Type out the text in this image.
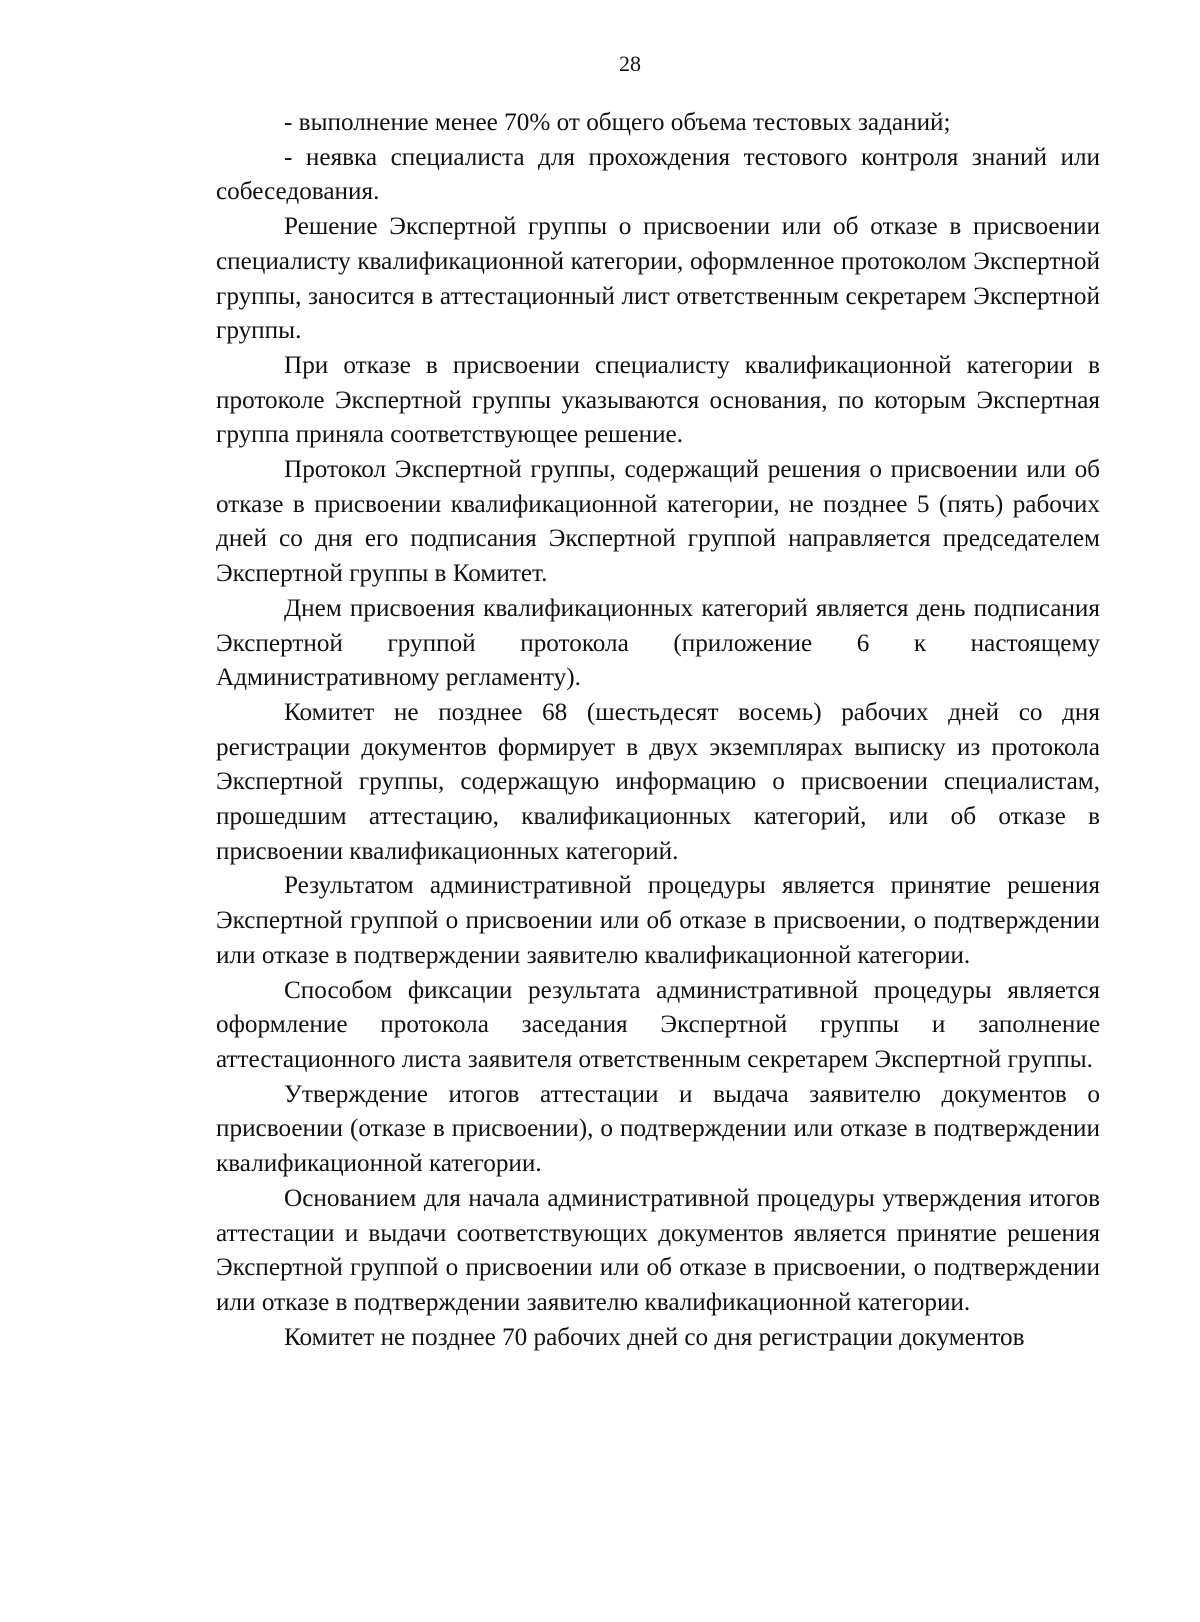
28

- выполнение менее 70% от общего объема тестовых заданий;

- неявка специалиста для прохождения тестового контроля знаний или собеседования.

Решение Экспертной группы о присвоении или об отказе в присвоении специалисту квалификационной категории, оформленное протоколом Экспертной группы, заносится в аттестационный лист ответственным секретарем Экспертной группы.

При отказе в присвоении специалисту квалификационной категории в протоколе Экспертной группы указываются основания, по которым Экспертная группа приняла соответствующее решение.

Протокол Экспертной группы, содержащий решения о присвоении или об отказе в присвоении квалификационной категории, не позднее 5 (пять) рабочих дней со дня его подписания Экспертной группой направляется председателем Экспертной группы в Комитет.

Днем присвоения квалификационных категорий является день подписания Экспертной группой протокола (приложение 6 к настоящему Административному регламенту).

Комитет не позднее 68 (шестьдесят восемь) рабочих дней со дня регистрации документов формирует в двух экземплярах выписку из протокола Экспертной группы, содержащую информацию о присвоении специалистам, прошедшим аттестацию, квалификационных категорий, или об отказе в присвоении квалификационных категорий.

Результатом административной процедуры является принятие решения Экспертной группой о присвоении или об отказе в присвоении, о подтверждении или отказе в подтверждении заявителю квалификационной категории.

Способом фиксации результата административной процедуры является оформление протокола заседания Экспертной группы и заполнение аттестационного листа заявителя ответственным секретарем Экспертной группы.

Утверждение итогов аттестации и выдача заявителю документов о присвоении (отказе в присвоении), о подтверждении или отказе в подтверждении квалификационной категории.

Основанием для начала административной процедуры утверждения итогов аттестации и выдачи соответствующих документов является принятие решения Экспертной группой о присвоении или об отказе в присвоении, о подтверждении или отказе в подтверждении заявителю квалификационной категории.

Комитет не позднее 70 рабочих дней со дня регистрации документов
